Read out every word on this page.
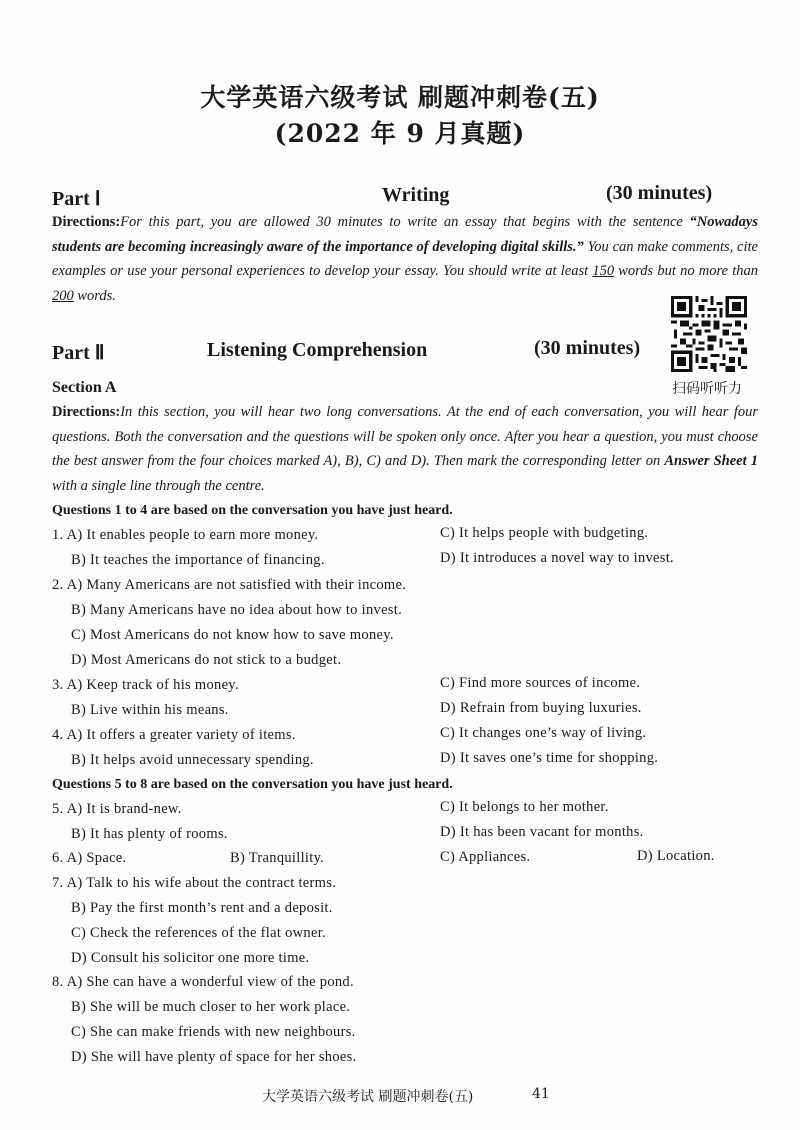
大学英语六级考试 刷题冲刺卷(五)
(2022 年 9 月真题)
Part Ⅰ	Writing	(30 minutes)
Directions:For this part, you are allowed 30 minutes to write an essay that begins with the sentence “Nowadays students are becoming increasingly aware of the importance of developing digital skills.” You can make comments, cite examples or use your personal experiences to develop your essay. You should write at least 150 words but no more than 200 words.
扫码听听力
Part Ⅱ	Listening Comprehension	(30 minutes)
Section A
Directions:In this section, you will hear two long conversations. At the end of each conversation, you will hear four questions. Both the conversation and the questions will be spoken only once. After you hear a question, you must choose the best answer from the four choices marked A), B), C) and D). Then mark the corresponding letter on Answer Sheet 1 with a single line through the centre.
Questions 1 to 4 are based on the conversation you have just heard.
1. A) It enables people to earn more money.	C) It helps people with budgeting.
B) It teaches the importance of financing.	D) It introduces a novel way to invest.
2. A) Many Americans are not satisfied with their income.
B) Many Americans have no idea about how to invest.
C) Most Americans do not know how to save money.
D) Most Americans do not stick to a budget.
3. A) Keep track of his money.	C) Find more sources of income.
B) Live within his means.	D) Refrain from buying luxuries.
4. A) It offers a greater variety of items.	C) It changes one’s way of living.
B) It helps avoid unnecessary spending.	D) It saves one’s time for shopping.
Questions 5 to 8 are based on the conversation you have just heard.
5. A) It is brand-new.	C) It belongs to her mother.
B) It has plenty of rooms.	D) It has been vacant for months.
6. A) Space.	B) Tranquillity.	C) Appliances.	D) Location.
7. A) Talk to his wife about the contract terms.
B) Pay the first month’s rent and a deposit.
C) Check the references of the flat owner.
D) Consult his solicitor one more time.
8. A) She can have a wonderful view of the pond.
B) She will be much closer to her work place.
C) She can make friends with new neighbours.
D) She will have plenty of space for her shoes.
大学英语六级考试 刷题冲刺卷(五)	41
